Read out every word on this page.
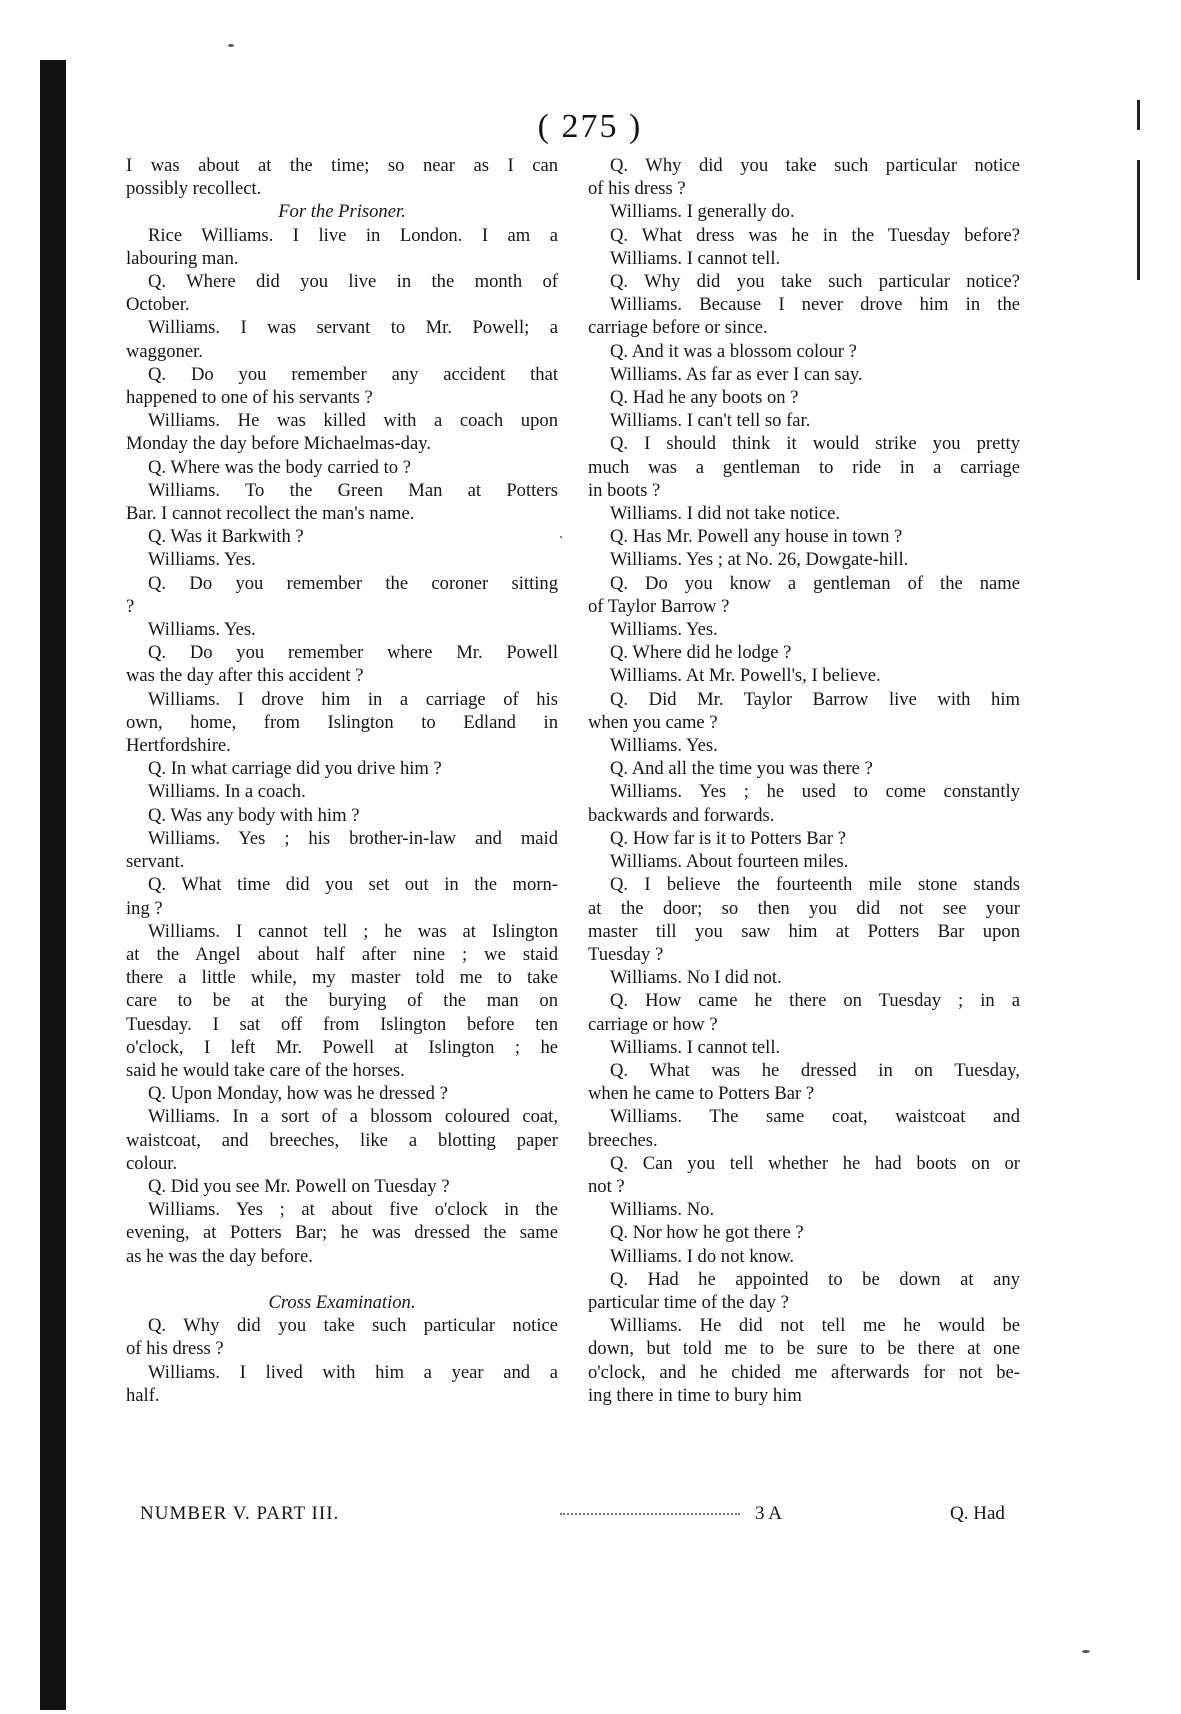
( 275 )
I was about at the time; so near as I can
possibly recollect.
For the Prisoner.
Rice Williams. I live in London. I am a
labouring man.
Q. Where did you live in the month of
October.
Williams. I was servant to Mr. Powell; a
waggoner.
Q. Do you remember any accident that
happened to one of his servants ?
Williams. He was killed with a coach upon
Monday the day before Michaelmas-day.
Q. Where was the body carried to ?
Williams. To the Green Man at Potters
Bar. I cannot recollect the man's name.
Q. Was it Barkwith ?
Williams. Yes.
Q. Do you remember the coroner sitting
?
Williams. Yes.
Q. Do you remember where Mr. Powell
was the day after this accident ?
Williams. I drove him in a carriage of his
own, home, from Islington to Edland in
Hertfordshire.
Q. In what carriage did you drive him ?
Williams. In a coach.
Q. Was any body with him ?
Williams. Yes ; his brother-in-law and maid
servant.
Q. What time did you set out in the morn-
ing ?
Williams. I cannot tell ; he was at Islington
at the Angel about half after nine ; we staid
there a little while, my master told me to take
care to be at the burying of the man on
Tuesday. I sat off from Islington before ten
o'clock, I left Mr. Powell at Islington ; he
said he would take care of the horses.
Q. Upon Monday, how was he dressed ?
Williams. In a sort of a blossom coloured coat,
waistcoat, and breeches, like a blotting paper
colour.
Q. Did you see Mr. Powell on Tuesday ?
Williams. Yes ; at about five o'clock in the
evening, at Potters Bar; he was dressed the same
as he was the day before.

Cross Examination.
Q. Why did you take such particular notice
of his dress ?
Williams. I lived with him a year and a
half.
Q. Why did you take such particular notice
of his dress ?
Williams. I generally do.
Q. What dress was he in the Tuesday before?
Williams. I cannot tell.
Q. Why did you take such particular notice?
Williams. Because I never drove him in the
carriage before or since.
Q. And it was a blossom colour ?
Williams. As far as ever I can say.
Q. Had he any boots on ?
Williams. I can't tell so far.
Q. I should think it would strike you pretty
much was a gentleman to ride in a carriage
in boots ?
Williams. I did not take notice.
Q. Has Mr. Powell any house in town ?
Williams. Yes ; at No. 26, Dowgate-hill.
Q. Do you know a gentleman of the name
of Taylor Barrow ?
Williams. Yes.
Q. Where did he lodge ?
Williams. At Mr. Powell's, I believe.
Q. Did Mr. Taylor Barrow live with him
when you came ?
Williams. Yes.
Q. And all the time you was there ?
Williams. Yes ; he used to come constantly
backwards and forwards.
Q. How far is it to Potters Bar ?
Williams. About fourteen miles.
Q. I believe the fourteenth mile stone stands
at the door; so then you did not see your
master till you saw him at Potters Bar upon
Tuesday ?
Williams. No I did not.
Q. How came he there on Tuesday ; in a
carriage or how ?
Williams. I cannot tell.
Q. What was he dressed in on Tuesday,
when he came to Potters Bar ?
Williams. The same coat, waistcoat and
breeches.
Q. Can you tell whether he had boots on or
not ?
Williams. No.
Q. Nor how he got there ?
Williams. I do not know.
Q. Had he appointed to be down at any
particular time of the day ?
Williams. He did not tell me he would be
down, but told me to be sure to be there at one
o'clock, and he chided me afterwards for not be-
ing there in time to bury him
NUMBER V. PART III.	3 A	Q. Had
